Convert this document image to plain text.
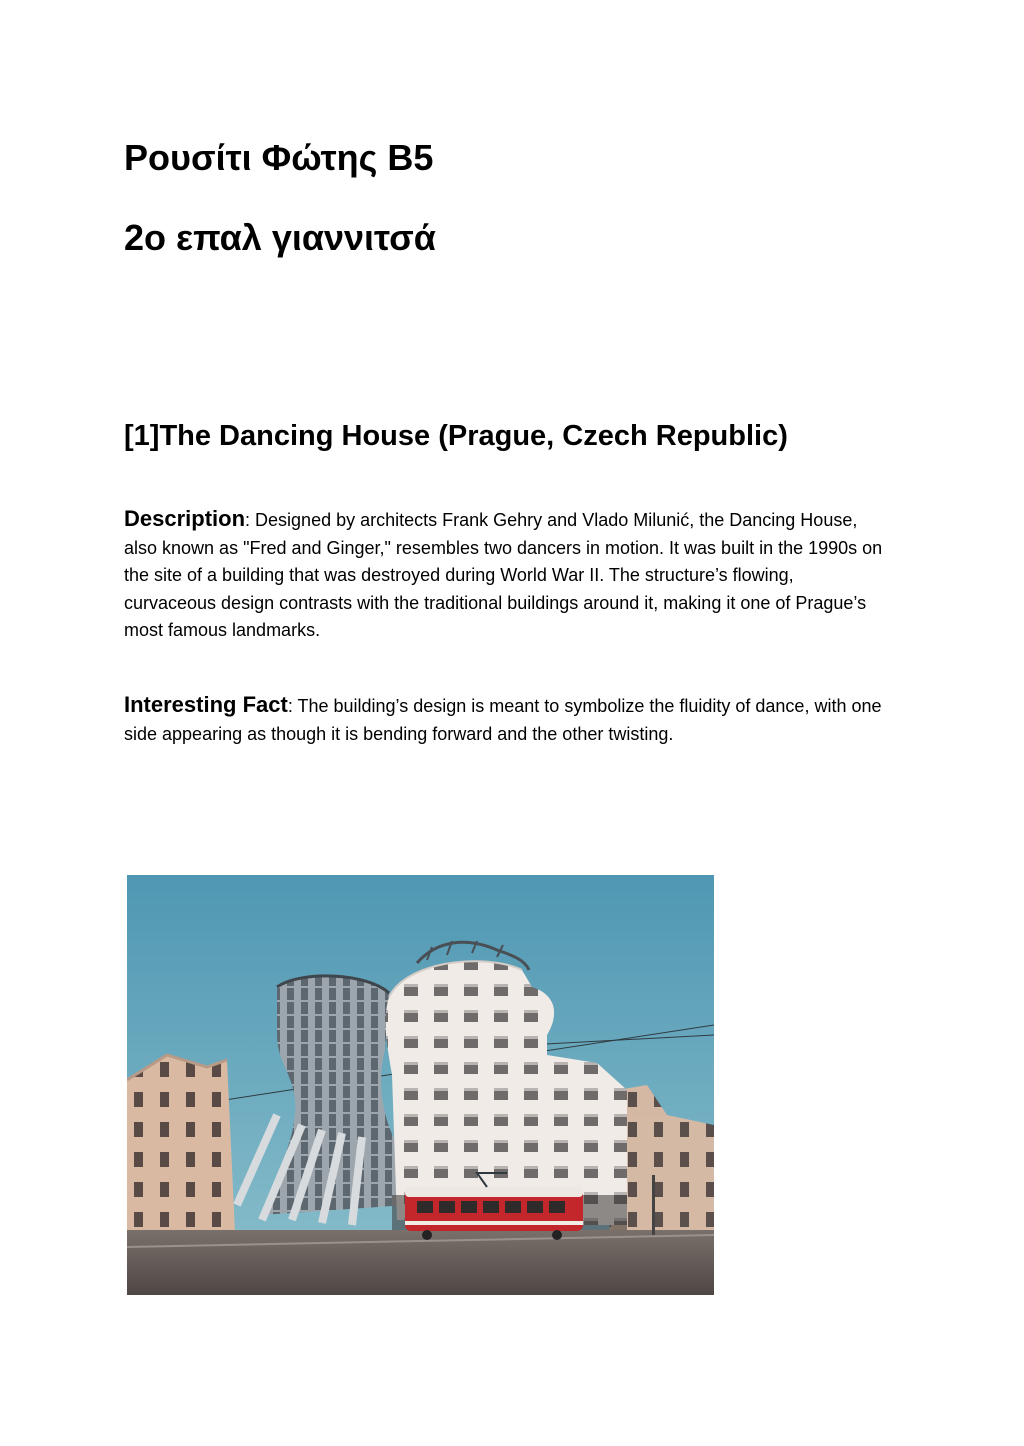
Ρουσίτι Φώτης Β5
2ο επαλ γιαννιτσά
[1]The Dancing House (Prague, Czech Republic)

Description: Designed by architects Frank Gehry and Vlado Milunić, the Dancing House, also known as "Fred and Ginger," resembles two dancers in motion. It was built in the 1990s on the site of a building that was destroyed during World War II. The structure’s flowing, curvaceous design contrasts with the traditional buildings around it, making it one of Prague’s most famous landmarks.

Interesting Fact: The building’s design is meant to symbolize the fluidity of dance, with one side appearing as though it is bending forward and the other twisting.
